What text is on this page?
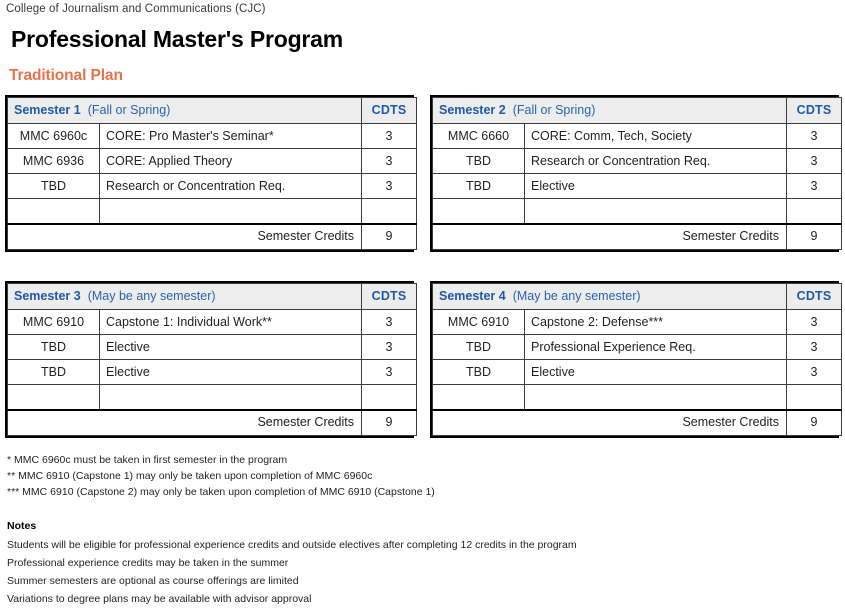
College of Journalism and Communications (CJC)
Professional Master's Program
Traditional Plan
Semester 1 (Fall or Spring)		CDTS
MMC 6960c	CORE: Pro Master's Seminar*	3
MMC 6936	CORE: Applied Theory	3
TBD	Research or Concentration Req.	3

Semester Credits		9
Semester 2 (Fall or Spring)		CDTS
MMC 6660	CORE: Comm, Tech, Society	3
TBD	Research or Concentration Req.	3
TBD	Elective	3

Semester Credits		9
Semester 3 (May be any semester)		CDTS
MMC 6910	Capstone 1: Individual Work**	3
TBD	Elective	3
TBD	Elective	3

Semester Credits		9
Semester 4 (May be any semester)		CDTS
MMC 6910	Capstone 2: Defense***	3
TBD	Professional Experience Req.	3
TBD	Elective	3

Semester Credits		9
* MMC 6960c must be taken in first semester in the program
** MMC 6910 (Capstone 1) may only be taken upon completion of MMC 6960c
*** MMC 6910 (Capstone 2) may only be taken upon completion of MMC 6910 (Capstone 1)
Notes
Students will be eligible for professional experience credits and outside electives after completing 12 credits in the program
Professional experience credits may be taken in the summer
Summer semesters are optional as course offerings are limited
Variations to degree plans may be available with advisor approval
